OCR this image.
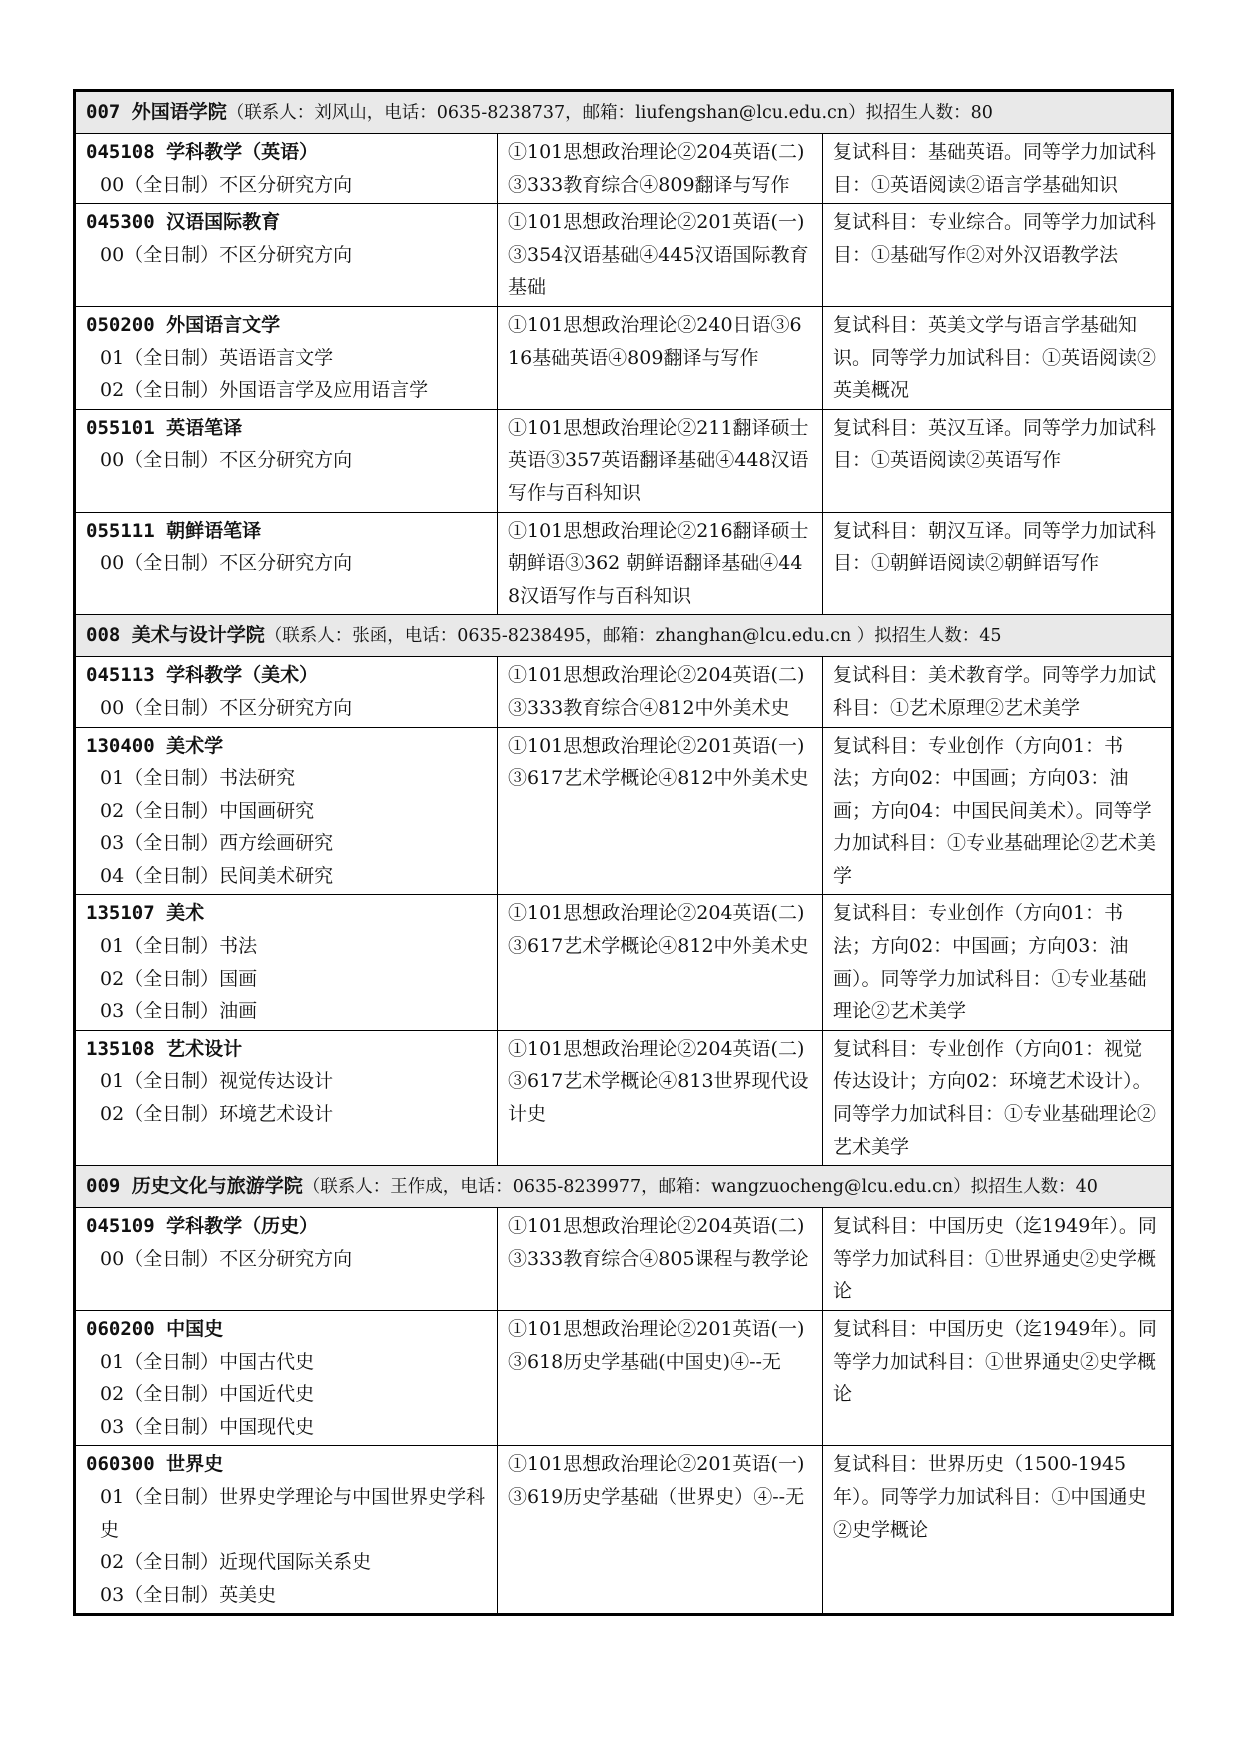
007 外国语学院（联系人：刘风山，电话：0635-8238737，邮箱：liufengshan@lcu.edu.cn）拟招生人数：80		

045108 学科教学（英语）
00（全日制）不区分研究方向	①101思想政治理论②204英语(二)③333教育综合④809翻译与写作	复试科目：基础英语。同等学力加试科目：①英语阅读②语言学基础知识

045300 汉语国际教育
00（全日制）不区分研究方向	①101思想政治理论②201英语(一)③354汉语基础④445汉语国际教育基础	复试科目：专业综合。同等学力加试科目：①基础写作②对外汉语教学法

050200 外国语言文学
01（全日制）英语语言文学
02（全日制）外国语言学及应用语言学	①101思想政治理论②240日语③616基础英语④809翻译与写作	复试科目：英美文学与语言学基础知识。同等学力加试科目：①英语阅读②英美概况

055101 英语笔译
00（全日制）不区分研究方向	①101思想政治理论②211翻译硕士英语③357英语翻译基础④448汉语写作与百科知识	复试科目：英汉互译。同等学力加试科目：①英语阅读②英语写作

055111 朝鲜语笔译
00（全日制）不区分研究方向	①101思想政治理论②216翻译硕士朝鲜语③362 朝鲜语翻译基础④448汉语写作与百科知识	复试科目：朝汉互译。同等学力加试科目：①朝鲜语阅读②朝鲜语写作
008 美术与设计学院（联系人：张函，电话：0635-8238495，邮箱：zhanghan@lcu.edu.cn ）拟招生人数：45		

045113 学科教学（美术）
00（全日制）不区分研究方向	①101思想政治理论②204英语(二)③333教育综合④812中外美术史	复试科目：美术教育学。同等学力加试科目：①艺术原理②艺术美学

130400 美术学
01（全日制）书法研究
02（全日制）中国画研究
03（全日制）西方绘画研究
04（全日制）民间美术研究	①101思想政治理论②201英语(一)③617艺术学概论④812中外美术史	复试科目：专业创作（方向01：书法；方向02：中国画；方向03：油画；方向04：中国民间美术）。同等学力加试科目：①专业基础理论②艺术美学

135107 美术
01（全日制）书法
02（全日制）国画
03（全日制）油画	①101思想政治理论②204英语(二)③617艺术学概论④812中外美术史	复试科目：专业创作（方向01：书法；方向02：中国画；方向03：油画）。同等学力加试科目：①专业基础理论②艺术美学

135108 艺术设计
01（全日制）视觉传达设计
02（全日制）环境艺术设计	①101思想政治理论②204英语(二)③617艺术学概论④813世界现代设计史	复试科目：专业创作（方向01：视觉传达设计；方向02：环境艺术设计）。同等学力加试科目：①专业基础理论②艺术美学
009 历史文化与旅游学院（联系人：王作成，电话：0635-8239977，邮箱：wangzuocheng@lcu.edu.cn）拟招生人数：40		

045109 学科教学（历史）
00（全日制）不区分研究方向	①101思想政治理论②204英语(二)③333教育综合④805课程与教学论	复试科目：中国历史（迄1949年）。同等学力加试科目：①世界通史②史学概论

060200 中国史
01（全日制）中国古代史
02（全日制）中国近代史
03（全日制）中国现代史	①101思想政治理论②201英语(一)③618历史学基础(中国史)④--无	复试科目：中国历史（迄1949年）。同等学力加试科目：①世界通史②史学概论

060300 世界史
01（全日制）世界史学理论与中国世界史学科史
02（全日制）近现代国际关系史
03（全日制）英美史	①101思想政治理论②201英语(一)③619历史学基础（世界史）④--无	复试科目：世界历史（1500-1945年）。同等学力加试科目：①中国通史②史学概论
